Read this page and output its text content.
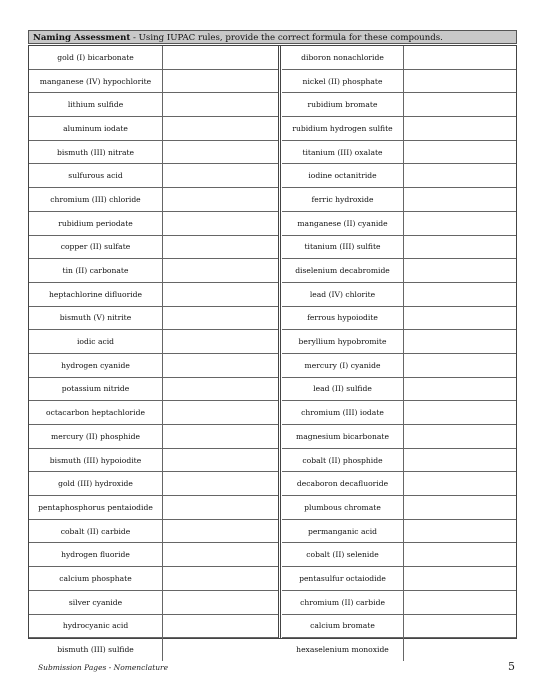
Naming Assessment - Using IUPAC rules, provide the correct formula for these compounds.
gold (I) bicarbonate	
manganese (IV) hypochlorite	
lithium sulfide	
aluminum iodate	
bismuth (III) nitrate	
sulfurous acid	
chromium (III) chloride	
rubidium periodate	
copper (II) sulfate	
tin (II) carbonate	
heptachlorine difluoride	
bismuth (V) nitrite	
iodic acid	
hydrogen cyanide	
potassium nitride	
octacarbon heptachloride	
mercury (II) phosphide	
bismuth (III) hypoiodite	
gold (III) hydroxide	
pentaphosphorus pentaiodide	
cobalt (II) carbide	
hydrogen fluoride	
calcium phosphate	
silver cyanide	
hydrocyanic acid	
bismuth (III) sulfide	
diboron nonachloride	
nickel (II) phosphate	
rubidium bromate	
rubidium hydrogen sulfite	
titanium (III) oxalate	
iodine octanitride	
ferric hydroxide	
manganese (II) cyanide	
titanium (III) sulfite	
diselenium decabromide	
lead (IV) chlorite	
ferrous hypoiodite	
beryllium hypobromite	
mercury (I) cyanide	
lead (II) sulfide	
chromium (III) iodate	
magnesium bicarbonate	
cobalt (II) phosphide	
decaboron decafluoride	
plumbous chromate	
permanganic acid	
cobalt (II) selenide	
pentasulfur octaiodide	
chromium (II) carbide	
calcium bromate	
hexaselenium monoxide	
Submission Pages - Nomenclature	5
